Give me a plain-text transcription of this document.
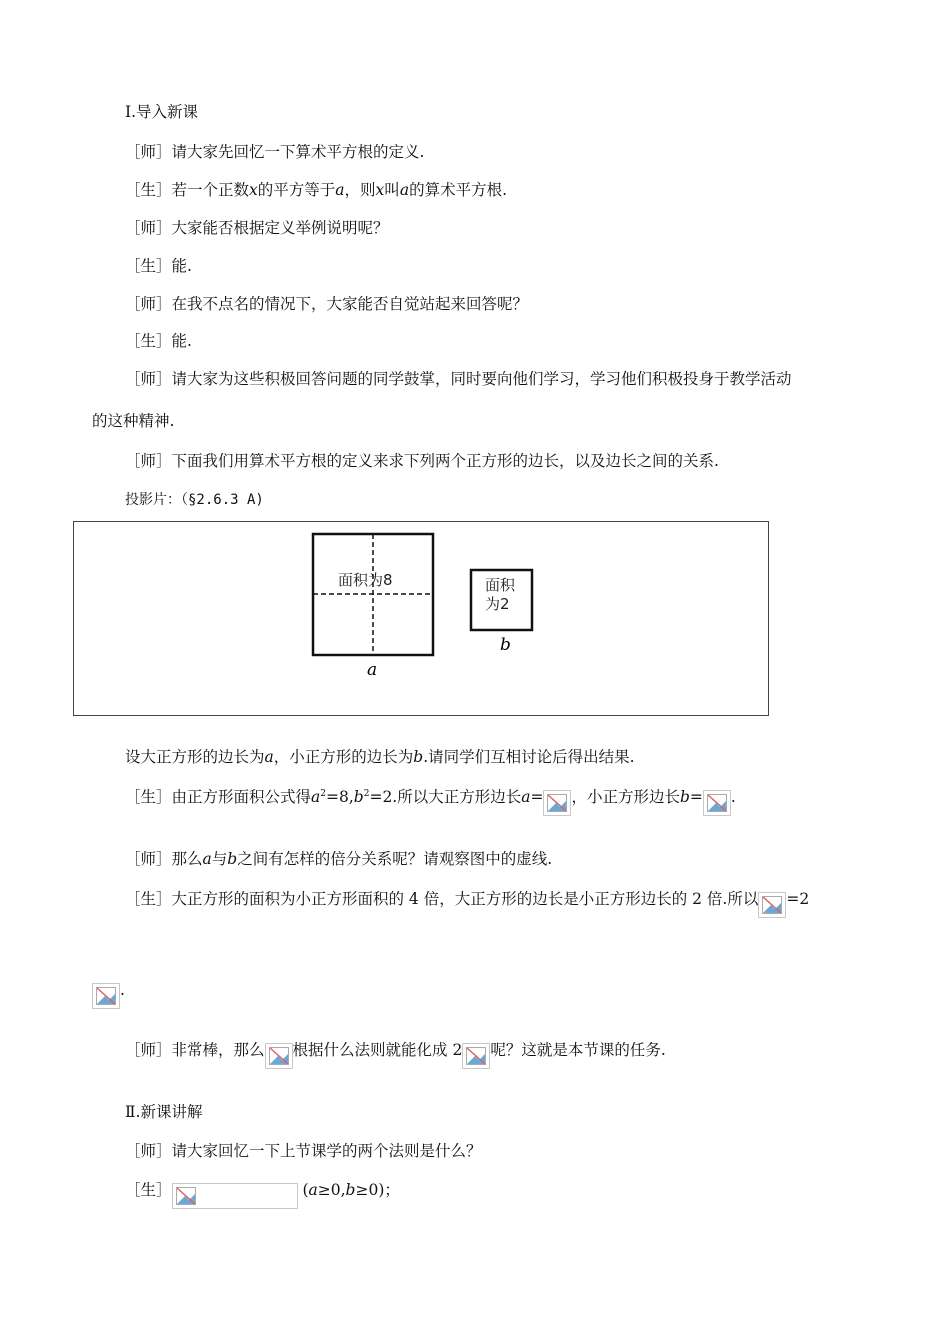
Ⅰ.导入新课
［师］请大家先回忆一下算术平方根的定义.
［生］若一个正数x的平方等于a，则x叫a的算术平方根.
［师］大家能否根据定义举例说明呢？
［生］能.
［师］在我不点名的情况下，大家能否自觉站起来回答呢？
［生］能.
［师］请大家为这些积极回答问题的同学鼓掌，同时要向他们学习，学习他们积极投身于教学活动
的这种精神.
［师］下面我们用算术平方根的定义来求下列两个正方形的边长，以及边长之间的关系.
投影片：（§2.6.3 A)
面积为8	面积
为2
a
b
设大正方形的边长为a，小正方形的边长为b.请同学们互相讨论后得出结果.
［生］由正方形面积公式得$a^2=8,b^2=2$.所以大正方形边长a= ，小正方形边长b= .
［师］那么a与b之间有怎样的倍分关系呢？请观察图中的虚线.
［生］大正方形的面积为小正方形面积的 4 倍，大正方形的边长是小正方形边长的 2 倍.所以 =2
.
［师］非常棒，那么 根据什么法则就能化成 2 呢？这就是本节课的任务.
Ⅱ.新课讲解
［师］请大家回忆一下上节课学的两个法则是什么？
［生］	(a≥0,b≥0)；
